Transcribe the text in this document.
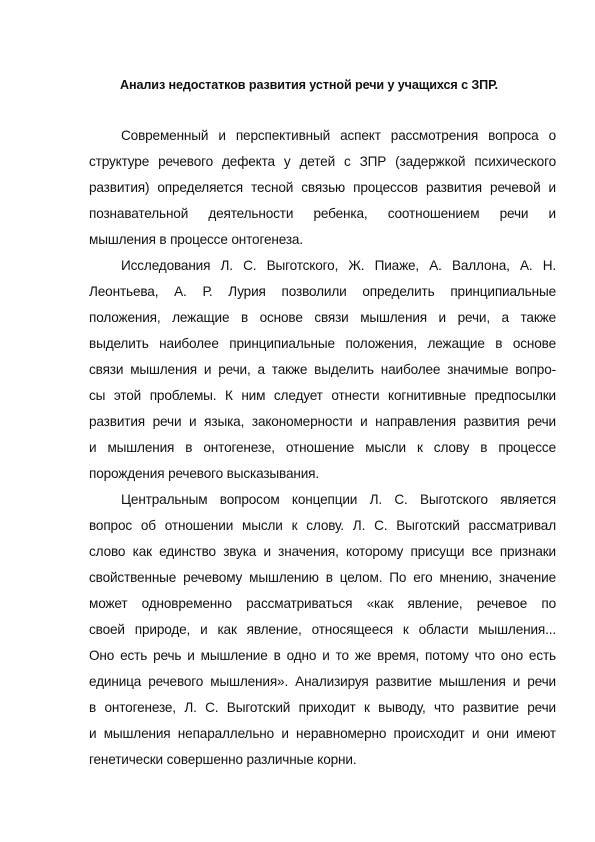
Анализ недостатков развития устной речи у учащихся с ЗПР.
Современный и перспективный аспект рассмотрения вопроса о
структуре речевого дефекта у детей с ЗПР (задержкой психического
развития) определяется тесной связью процессов развития речевой и
познавательной деятельности ребенка, соотношением речи и
мышления в процессе онтогенеза.
Исследования Л. С. Выготского, Ж. Пиаже, А. Валлона, А. Н.
Леонтьева, А. Р. Лурия позволили определить принципиальные
положения, лежащие в основе связи мышления и речи, а также
выделить наиболее принципиальные положения, лежащие в основе
связи мышления и речи, а также выделить наиболее значимые вопро-
сы этой проблемы. К ним следует отнести когнитивные предпосылки
развития речи и языка, закономерности и направления развития речи
и мышления в онтогенезе, отношение мысли к слову в процессе
порождения речевого высказывания.
Центральным вопросом концепции Л. С. Выготского является
вопрос об отношении мысли к слову. Л. С. Выготский рассматривал
слово как единство звука и значения, которому присущи все признаки
свойственные речевому мышлению в целом. По его мнению, значение
может одновременно рассматриваться «как явление, речевое по
своей природе, и как явление, относящееся к области мышления...
Оно есть речь и мышление в одно и то же время, потому что оно есть
единица речевого мышления». Анализируя развитие мышления и речи
в онтогенезе, Л. С. Выготский приходит к выводу, что развитие речи
и мышления непараллельно и неравномерно происходит и они имеют
генетически совершенно различные корни.
